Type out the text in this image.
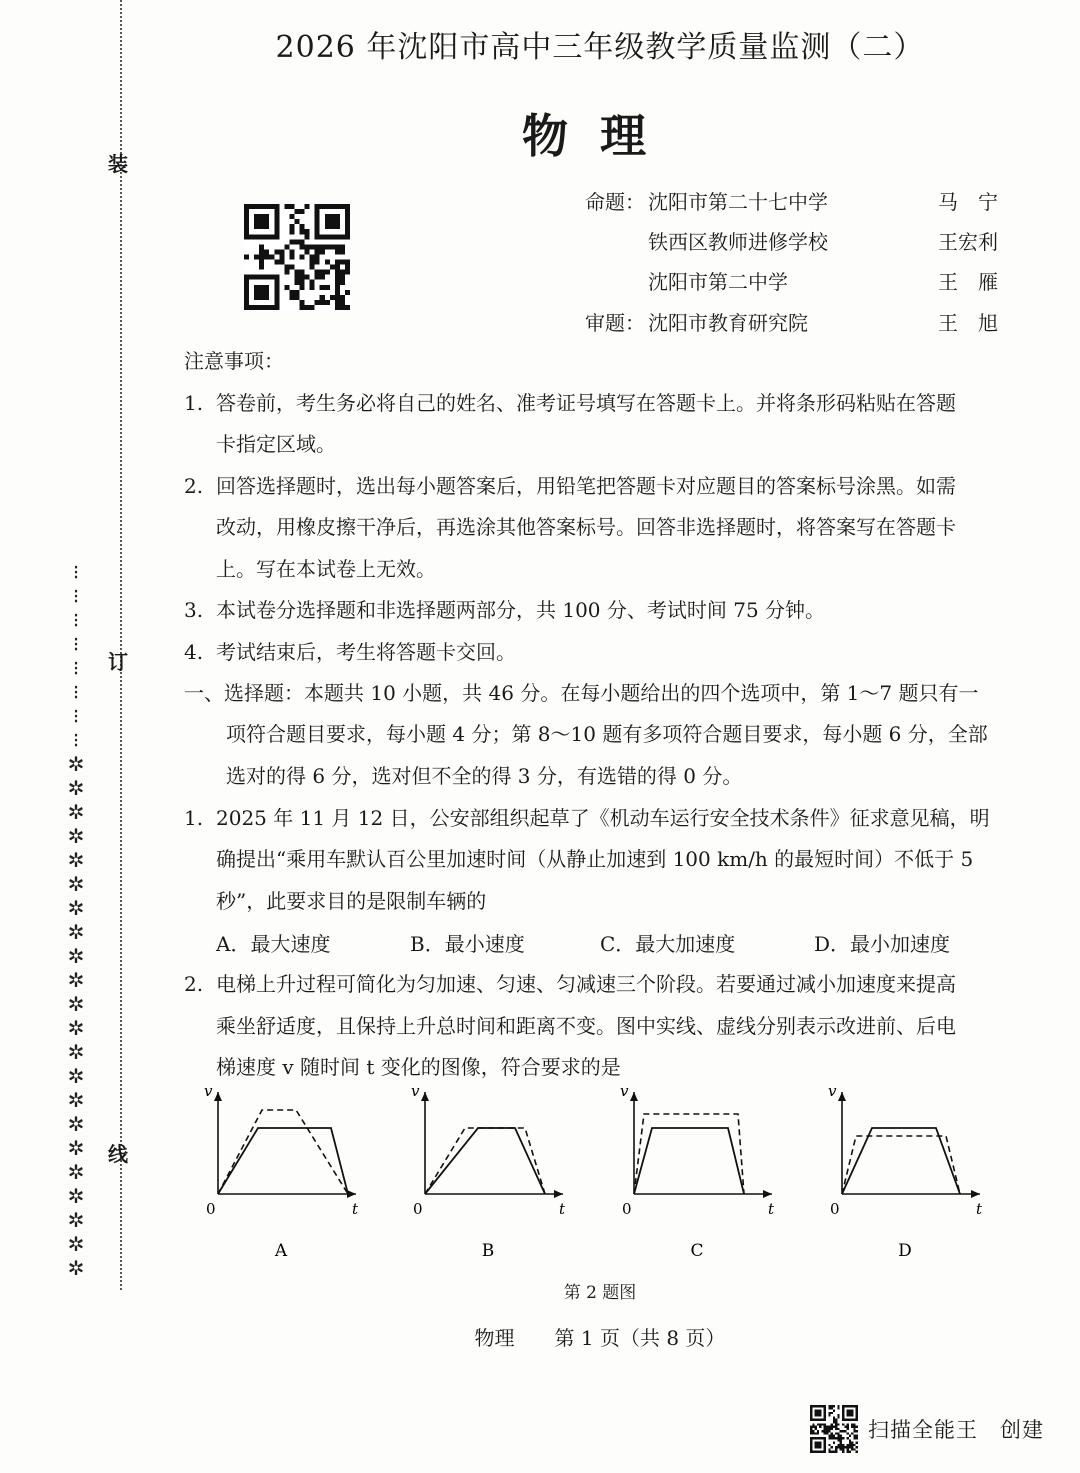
装
订
线
⁝
⁝
⁝
⁝
⁝
⁝
⁝
⁝
✲
✲
✲
✲
✲
✲
✲
✲
✲
✲
✲
✲
✲
✲
✲
✲
✲
✲
✲
✲
✲
✲
2026 年沈阳市高中三年级教学质量监测（二）
物理
命题： 沈阳市第二十七中学	马　宁
铁西区教师进修学校	王宏利
沈阳市第二中学	王　雁
审题： 沈阳市教育研究院	王　旭
注意事项：
1. 答卷前，考生务必将自己的姓名、准考证号填写在答题卡上。并将条形码粘贴在答题
卡指定区域。
2. 回答选择题时，选出每小题答案后，用铅笔把答题卡对应题目的答案标号涂黑。如需
改动，用橡皮擦干净后，再选涂其他答案标号。回答非选择题时，将答案写在答题卡
上。写在本试卷上无效。
3. 本试卷分选择题和非选择题两部分，共 100 分、考试时间 75 分钟。
4. 考试结束后，考生将答题卡交回。
一、选择题：本题共 10 小题，共 46 分。在每小题给出的四个选项中，第 1～7 题只有一
项符合题目要求，每小题 4 分；第 8～10 题有多项符合题目要求，每小题 6 分，全部
选对的得 6 分，选对但不全的得 3 分，有选错的得 0 分。
1. 2025 年 11 月 12 日，公安部组织起草了《机动车运行安全技术条件》征求意见稿，明
确提出“乘用车默认百公里加速时间（从静止加速到 100 km/h 的最短时间）不低于 5
秒”，此要求目的是限制车辆的
A．最大速度	B．最小速度	C．最大加速度	D．最小加速度
2. 电梯上升过程可简化为匀加速、匀速、匀减速三个阶段。若要通过减小加速度来提高
乘坐舒适度，且保持上升总时间和距离不变。图中实线、虚线分别表示改进前、后电
梯速度 v 随时间 t 变化的图像，符合要求的是
v
t
0
A
v
t
0
B
v
t
0
C
v
t
0
D
第 2 题图
物理　　第 1 页（共 8 页）
扫描全能王　创建
